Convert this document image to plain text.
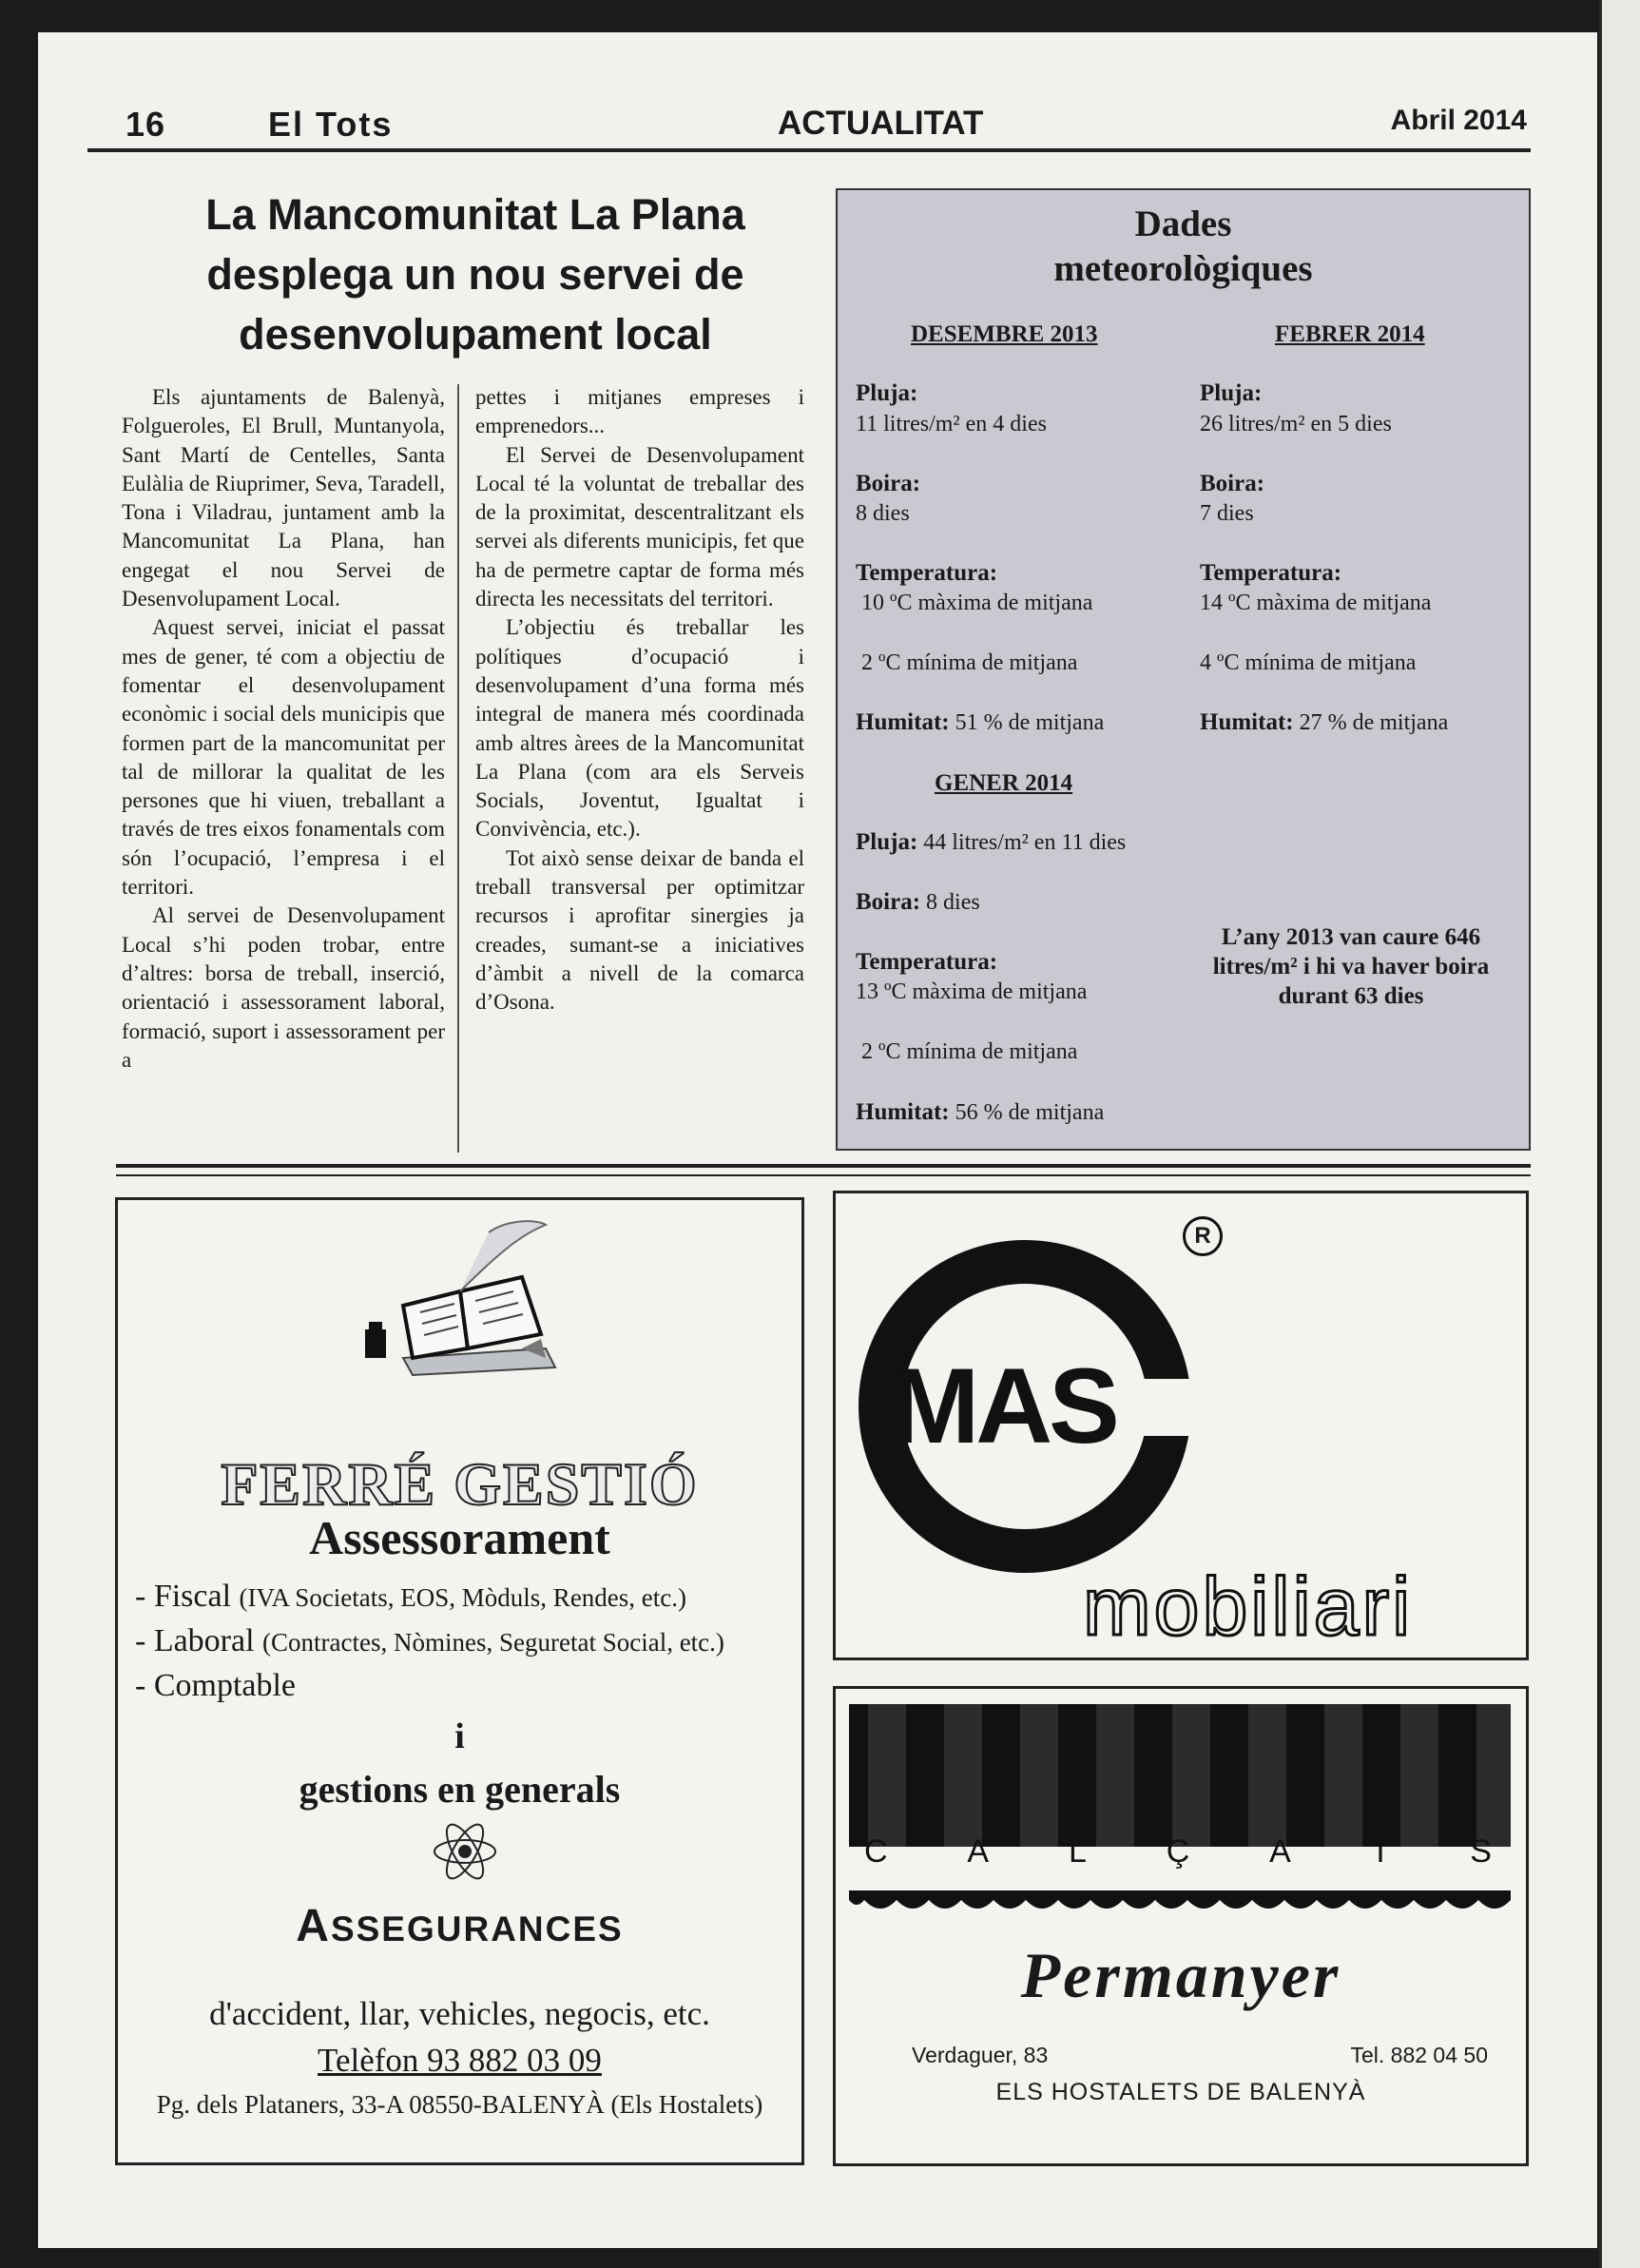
16	El Tots	ACTUALITAT	Abril 2014
La Mancomunitat La Plana
desplega un nou servei de
desenvolupament local

Els ajuntaments de Balenyà, Folgueroles, El Brull, Muntanyola, Sant Martí de Centelles, Santa Eulàlia de Riuprimer, Seva, Taradell, Tona i Viladrau, juntament amb la Mancomunitat La Plana, han engegat el nou Servei de Desenvolupament Local.

Aquest servei, iniciat el passat mes de gener, té com a objectiu de fomentar el desenvolupament econòmic i social dels municipis que formen part de la mancomunitat per tal de millorar la qualitat de les persones que hi viuen, treballant a través de tres eixos fonamentals com són l’ocupació, l’empresa i el territori.

Al servei de Desenvolupament Local s’hi poden trobar, entre d’altres: borsa de treball, inserció, orientació i assessorament laboral, formació, suport i assessorament per a

pettes i mitjanes empreses i emprenedors...

El Servei de Desenvolupament Local té la voluntat de treballar des de la proximitat, descentralitzant els servei als diferents municipis, fet que ha de permetre captar de forma més directa les necessitats del territori.

L’objectiu és treballar les polítiques d’ocupació i desenvolupament d’una forma més integral de manera més coordinada amb altres àrees de la Mancomunitat La Plana (com ara els Serveis Socials, Joventut, Igualtat i Convivència, etc.).

Tot això sense deixar de banda el treball transversal per optimitzar recursos i aprofitar sinergies ja creades, sumant-se a iniciatives d’àmbit a nivell de la comarca d’Osona.

Dades
meteorològiques
DESEMBRE 2013
Pluja:
11 litres/m² en 4 dies
Boira:
8 dies
Temperatura:
10 ºC màxima de mitjana
2 ºC mínima de mitjana
Humitat: 51 % de mitjana
FEBRER 2014
Pluja:
26 litres/m² en 5 dies
Boira:
7 dies
Temperatura:
14 ºC màxima de mitjana
4 ºC mínima de mitjana
Humitat: 27 % de mitjana
GENER 2014
Pluja: 44 litres/m² en 11 dies
Boira: 8 dies
Temperatura:
13 ºC màxima de mitjana
2 ºC mínima de mitjana
Humitat: 56 % de mitjana
L’any 2013 van caure 646
litres/m² i hi va haver boira
durant 63 dies
FERRÉ GESTIÓ
Assessorament
- Fiscal (IVA Societats, EOS, Mòduls, Rendes, etc.)
- Laboral (Contractes, Nòmines, Seguretat Social, etc.)
- Comptable
i
gestions en generals
ASSEGURANCES
d'accident, llar, vehicles, negocis, etc.
Telèfon 93 882 03 09
Pg. dels Plataners, 33-A 08550-BALENYÀ (Els Hostalets)
MAS
R
mobiliari
C A L Ç A T S
Permanyer
Verdaguer, 83	Tel. 882 04 50
ELS HOSTALETS DE BALENYÀ
